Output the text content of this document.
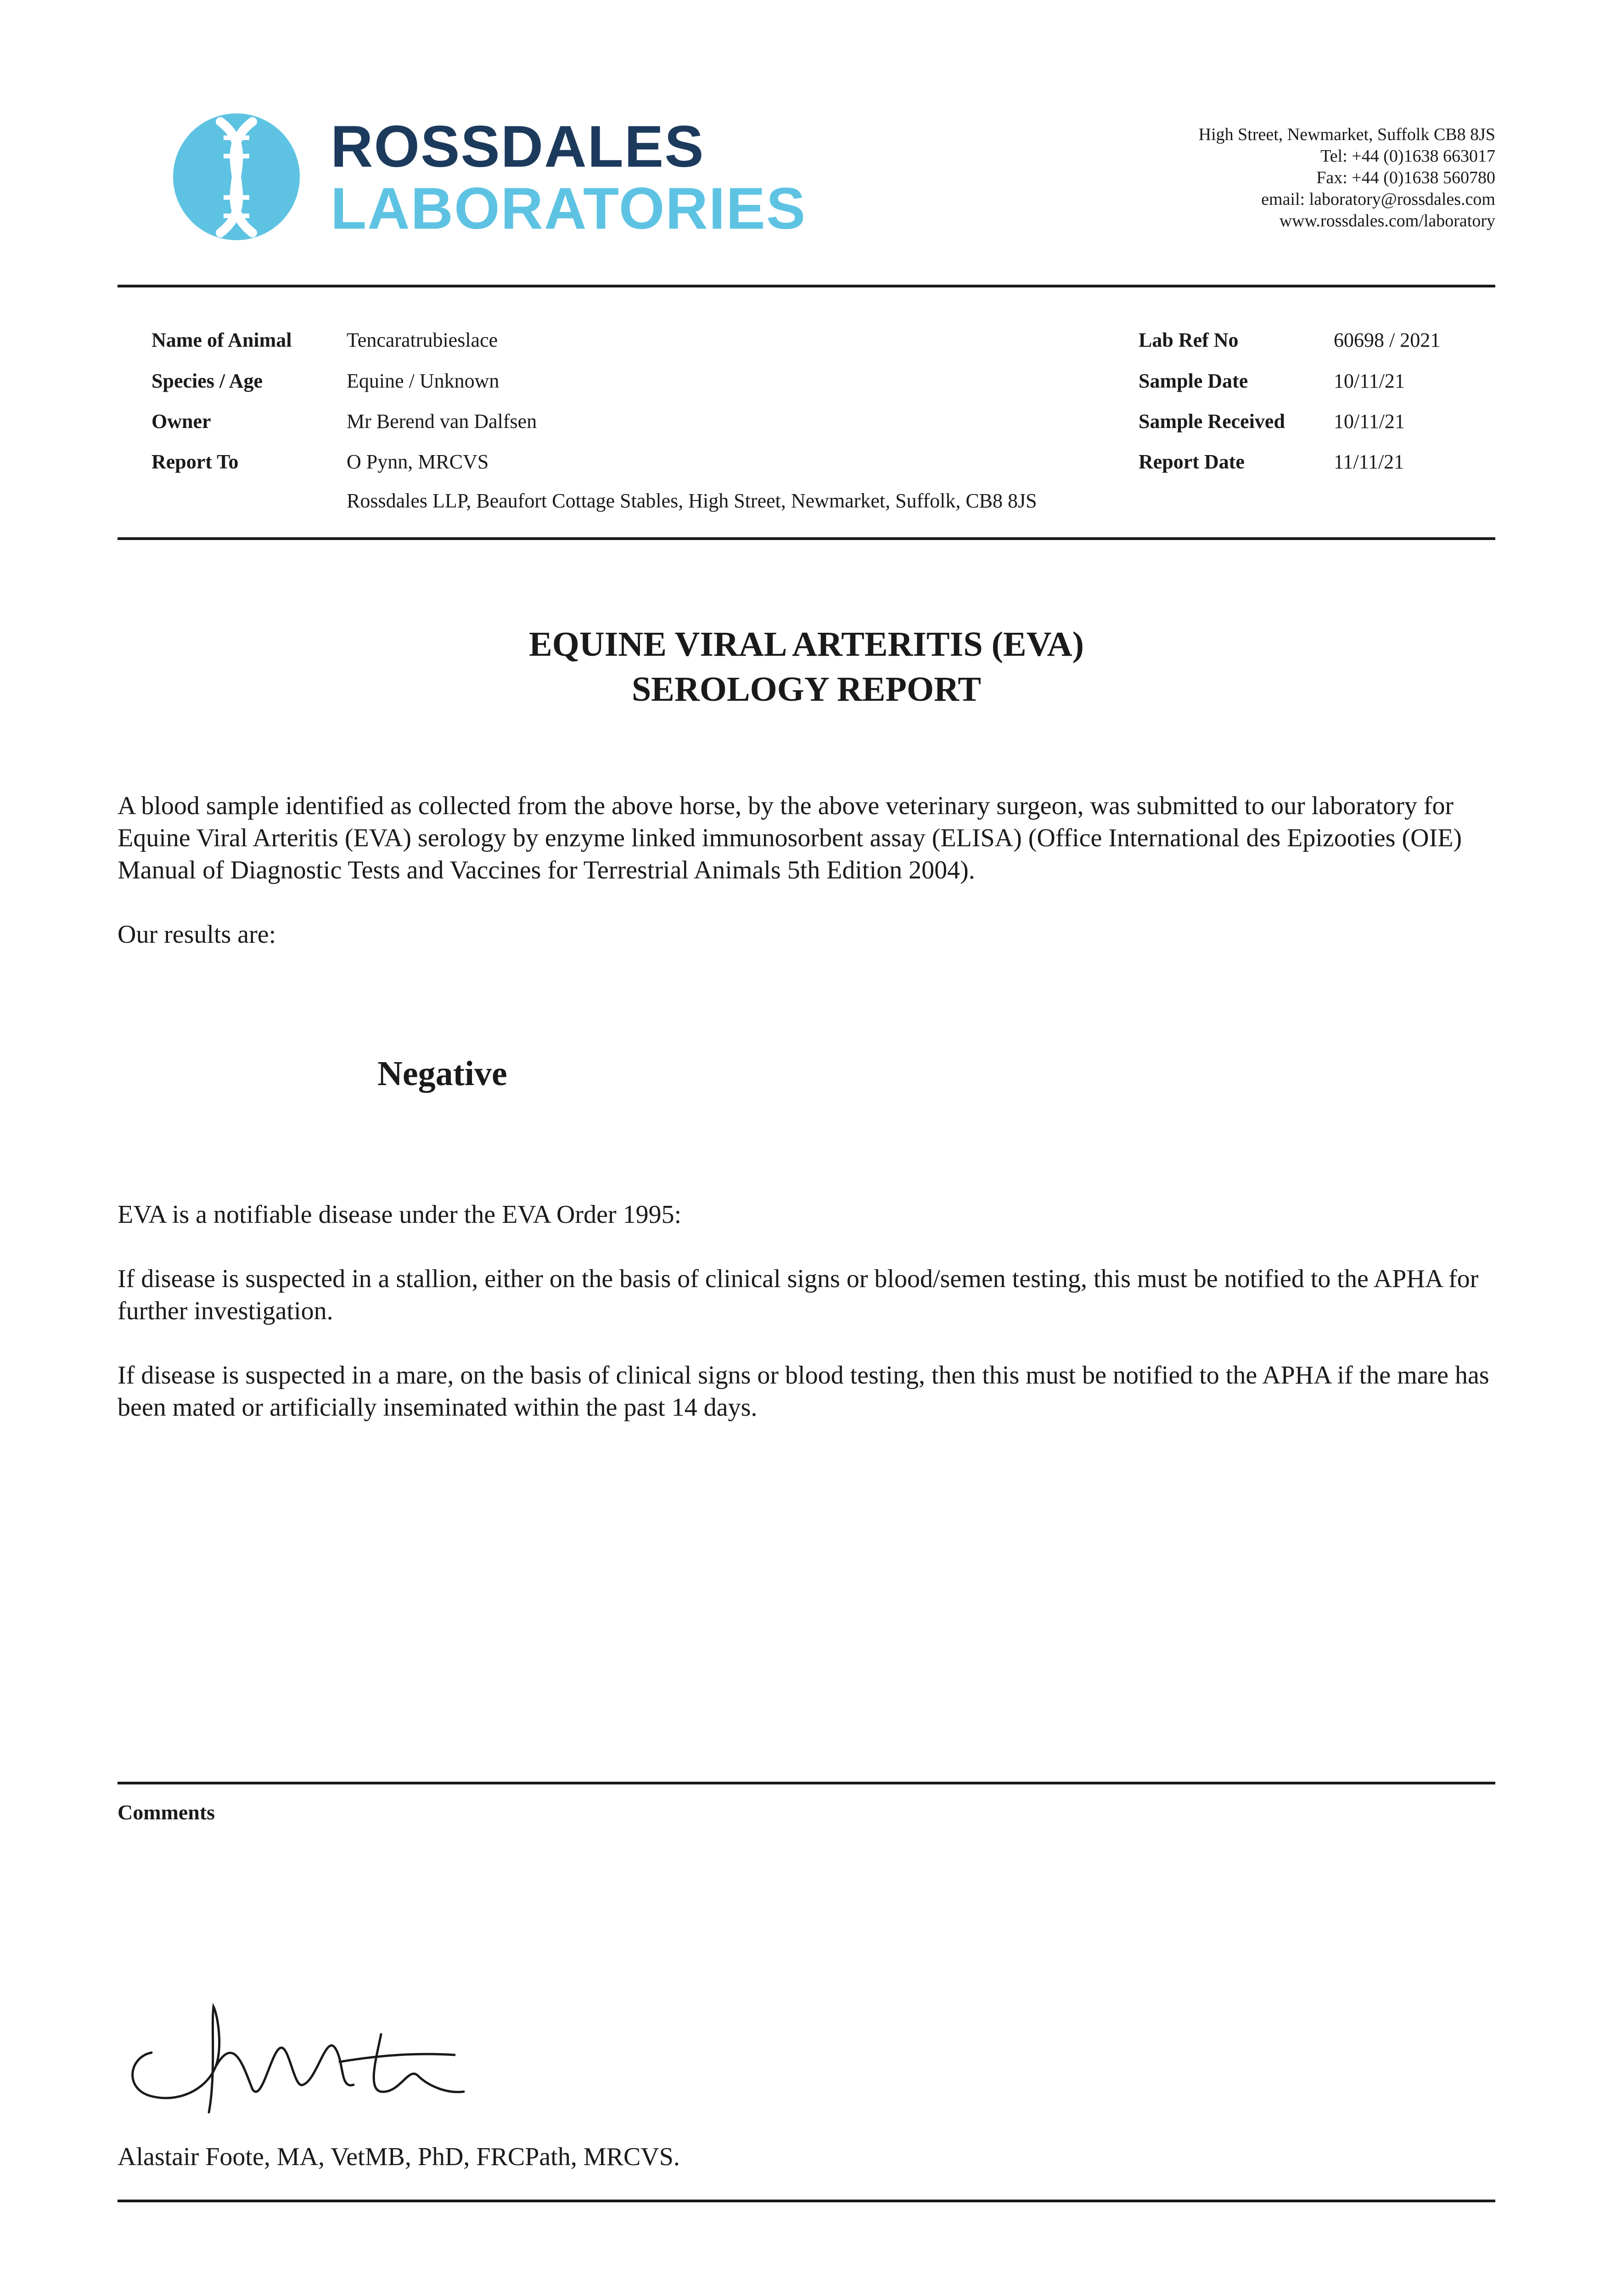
ROSSDALES
LABORATORIES
High Street, Newmarket, Suffolk CB8 8JS
Tel: +44 (0)1638 663017
Fax: +44 (0)1638 560780
email: laboratory@rossdales.com
www.rossdales.com/laboratory
Name of Animal	Tencaratrubieslace
Species / Age	Equine / Unknown
Owner	Mr Berend van Dalfsen
Report To	O Pynn, MRCVS
Rossdales LLP, Beaufort Cottage Stables, High Street, Newmarket, Suffolk, CB8 8JS
Lab Ref No	60698 / 2021
Sample Date	10/11/21
Sample Received 10/11/21
Report Date	11/11/21
EQUINE VIRAL ARTERITIS (EVA)
SEROLOGY REPORT

A blood sample identified as collected from the above horse, by the above veterinary surgeon, was submitted to our laboratory for Equine Viral Arteritis (EVA) serology by enzyme linked immunosorbent assay (ELISA) (Office International des Epizooties (OIE) Manual of Diagnostic Tests and Vaccines for Terrestrial Animals 5th Edition 2004).

Our results are:
Negative
EVA is a notifiable disease under the EVA Order 1995:
If disease is suspected in a stallion, either on the basis of clinical signs or blood/semen testing, this must be notified to the APHA for further investigation.
If disease is suspected in a mare, on the basis of clinical signs or blood testing, then this must be notified to the APHA if the mare has been mated or artificially inseminated within the past 14 days.
Comments
Alastair Foote, MA, VetMB, PhD, FRCPath, MRCVS.
